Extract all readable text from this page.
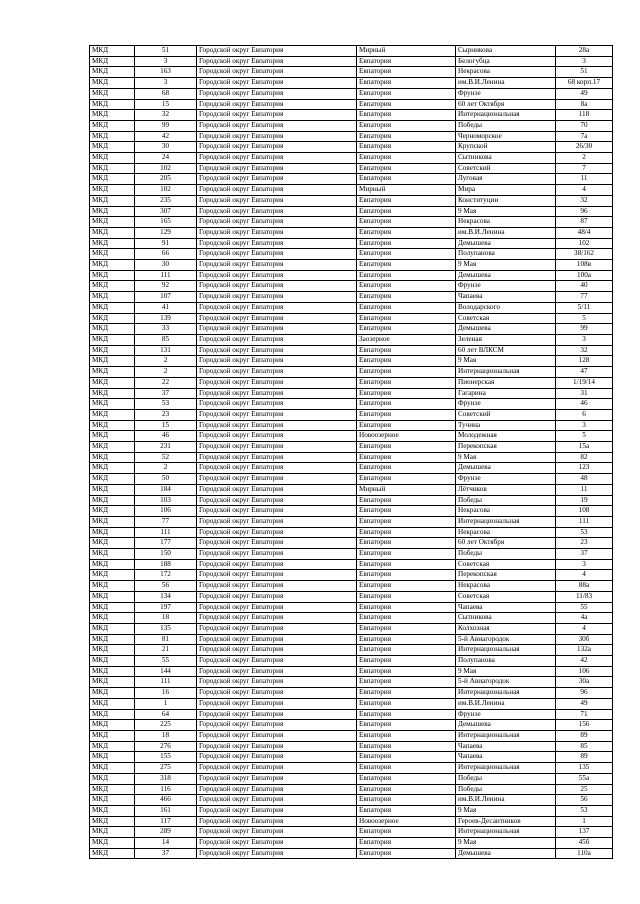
МКД	51	Городской округ Евпатория	Мирный	Сырникова	28а
МКД	3	Городской округ Евпатория	Евпатория	Белогубца	3
МКД	163	Городской округ Евпатория	Евпатория	Некрасова	51
МКД	3	Городской округ Евпатория	Евпатория	им.В.И.Ленина	68 корп.17
МКД	68	Городской округ Евпатория	Евпатория	Фрунзе	49
МКД	15	Городской округ Евпатория	Евпатория	60 лет Октября	8а
МКД	32	Городской округ Евпатория	Евпатория	Интернациональная	118
МКД	99	Городской округ Евпатория	Евпатория	Победы	70
МКД	42	Городской округ Евпатория	Евпатория	Черноморское	7а
МКД	30	Городской округ Евпатория	Евпатория	Крупской	26/30
МКД	24	Городской округ Евпатория	Евпатория	Сытникова	2
МКД	102	Городской округ Евпатория	Евпатория	Советский	7
МКД	205	Городской округ Евпатория	Евпатория	Луговая	11
МКД	102	Городской округ Евпатория	Мирный	Мира	4
МКД	235	Городской округ Евпатория	Евпатория	Конституции	32
МКД	307	Городской округ Евпатория	Евпатория	9 Мая	96
МКД	165	Городской округ Евпатория	Евпатория	Некрасова	87
МКД	129	Городской округ Евпатория	Евпатория	им.В.И.Ленина	48/4
МКД	91	Городской округ Евпатория	Евпатория	Демышева	102
МКД	66	Городской округ Евпатория	Евпатория	Полупанова	38/162
МКД	30	Городской округ Евпатория	Евпатория	9 Мая	108в
МКД	111	Городской округ Евпатория	Евпатория	Демышева	100а
МКД	92	Городской округ Евпатория	Евпатория	Фрунзе	40
МКД	107	Городской округ Евпатория	Евпатория	Чапаева	77
МКД	41	Городской округ Евпатория	Евпатория	Володарского	5/11
МКД	139	Городской округ Евпатория	Евпатория	Советская	5
МКД	33	Городской округ Евпатория	Евпатория	Демышева	99
МКД	85	Городской округ Евпатория	Заозерное	Зеленая	3
МКД	131	Городской округ Евпатория	Евпатория	60 лет ВЛКСМ	32
МКД	2	Городской округ Евпатория	Евпатория	9 Мая	128
МКД	2	Городской округ Евпатория	Евпатория	Интернациональная	47
МКД	22	Городской округ Евпатория	Евпатория	Пионерская	1/19/14
МКД	37	Городской округ Евпатория	Евпатория	Гагарина	31
МКД	53	Городской округ Евпатория	Евпатория	Фрунзе	46
МКД	23	Городской округ Евпатория	Евпатория	Советский	6
МКД	15	Городской округ Евпатория	Евпатория	Тучина	3
МКД	46	Городской округ Евпатория	Новоозерное	Молодежная	5
МКД	231	Городской округ Евпатория	Евпатория	Перекопская	15а
МКД	52	Городской округ Евпатория	Евпатория	9 Мая	82
МКД	2	Городской округ Евпатория	Евпатория	Демышева	123
МКД	50	Городской округ Евпатория	Евпатория	Фрунзе	48
МКД	184	Городской округ Евпатория	Мирный	Лётчиков	11
МКД	103	Городской округ Евпатория	Евпатория	Победы	19
МКД	106	Городской округ Евпатория	Евпатория	Некрасова	108
МКД	77	Городской округ Евпатория	Евпатория	Интернациональная	111
МКД	111	Городской округ Евпатория	Евпатория	Некрасова	53
МКД	177	Городской округ Евпатория	Евпатория	60 лет Октября	23
МКД	150	Городской округ Евпатория	Евпатория	Победы	37
МКД	188	Городской округ Евпатория	Евпатория	Советская	3
МКД	172	Городской округ Евпатория	Евпатория	Перекопская	4
МКД	56	Городской округ Евпатория	Евпатория	Некрасова	88а
МКД	134	Городской округ Евпатория	Евпатория	Советская	11/83
МКД	197	Городской округ Евпатория	Евпатория	Чапаева	55
МКД	18	Городской округ Евпатория	Евпатория	Сытникова	4а
МКД	135	Городской округ Евпатория	Евпатория	Колхозная	4
МКД	81	Городской округ Евпатория	Евпатория	5-й Авиагородок	30б
МКД	21	Городской округ Евпатория	Евпатория	Интернациональная	132а
МКД	55	Городской округ Евпатория	Евпатория	Полупанова	42
МКД	144	Городской округ Евпатория	Евпатория	9 Мая	106
МКД	111	Городской округ Евпатория	Евпатория	5-й Авиагородок	30а
МКД	16	Городской округ Евпатория	Евпатория	Интернациональная	96
МКД	1	Городской округ Евпатория	Евпатория	им.В.И.Ленина	49
МКД	64	Городской округ Евпатория	Евпатория	Фрунзе	71
МКД	225	Городской округ Евпатория	Евпатория	Демышева	156
МКД	18	Городской округ Евпатория	Евпатория	Интернациональная	89
МКД	276	Городской округ Евпатория	Евпатория	Чапаева	85
МКД	155	Городской округ Евпатория	Евпатория	Чапаева	89
МКД	275	Городской округ Евпатория	Евпатория	Интернациональная	135
МКД	318	Городской округ Евпатория	Евпатория	Победы	55а
МКД	116	Городской округ Евпатория	Евпатория	Победы	25
МКД	466	Городской округ Евпатория	Евпатория	им.В.И.Ленина	56
МКД	161	Городской округ Евпатория	Евпатория	9 Мая	53
МКД	117	Городской округ Евпатория	Новоозерное	Героев-Десантников	1
МКД	289	Городской округ Евпатория	Евпатория	Интернациональная	137
МКД	14	Городской округ Евпатория	Евпатория	9 Мая	45б
МКД	37	Городской округ Евпатория	Евпатория	Демышева	110а
